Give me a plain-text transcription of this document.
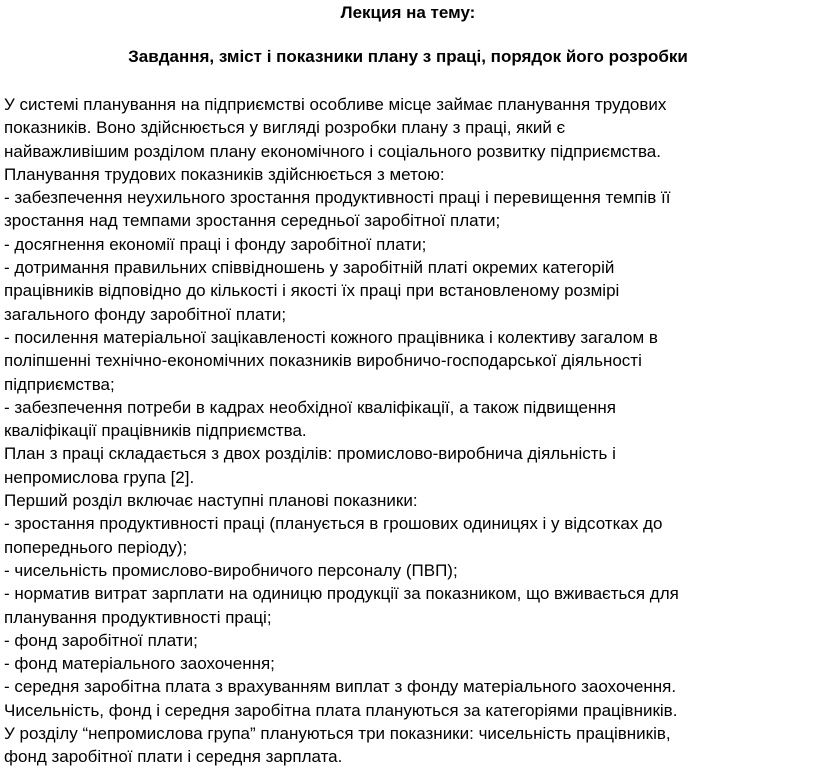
Лекция на тему:
Завдання, зміст і показники плану з праці, порядок його розробки
У системі планування на підприємстві особливе місце займає планування трудових
показників. Воно здійснюється у вигляді розробки плану з праці, який є
найважливішим розділом плану економічного і соціального розвитку підприємства.
Планування трудових показників здійснюється з метою:
- забезпечення неухильного зростання продуктивності праці і перевищення темпів її
зростання над темпами зростання середньої заробітної плати;
- досягнення економії праці і фонду заробітної плати;
- дотримання правильних співвідношень у заробітній платі окремих категорій
працівників відповідно до кількості і якості їх праці при встановленому розмірі
загального фонду заробітної плати;
- посилення матеріальної зацікавленості кожного працівника і колективу загалом в
поліпшенні технічно-економічних показників виробничо-господарської діяльності
підприємства;
- забезпечення потреби в кадрах необхідної кваліфікації, а також підвищення
кваліфікації працівників підприємства.
План з праці складається з двох розділів: промислово-виробнича діяльність і
непромислова група [2].
Перший розділ включає наступні планові показники:
- зростання продуктивності праці (планується в грошових одиницях і у відсотках до
попереднього періоду);
- чисельність промислово-виробничого персоналу (ПВП);
- норматив витрат зарплати на одиницю продукції за показником, що вживається для
планування продуктивності праці;
- фонд заробітної плати;
- фонд матеріального заохочення;
- середня заробітна плата з врахуванням виплат з фонду матеріального заохочення.
Чисельність, фонд і середня заробітна плата плануються за категоріями працівників.
У розділу “непромислова група” плануються три показники: чисельність працівників,
фонд заробітної плати і середня зарплата.
